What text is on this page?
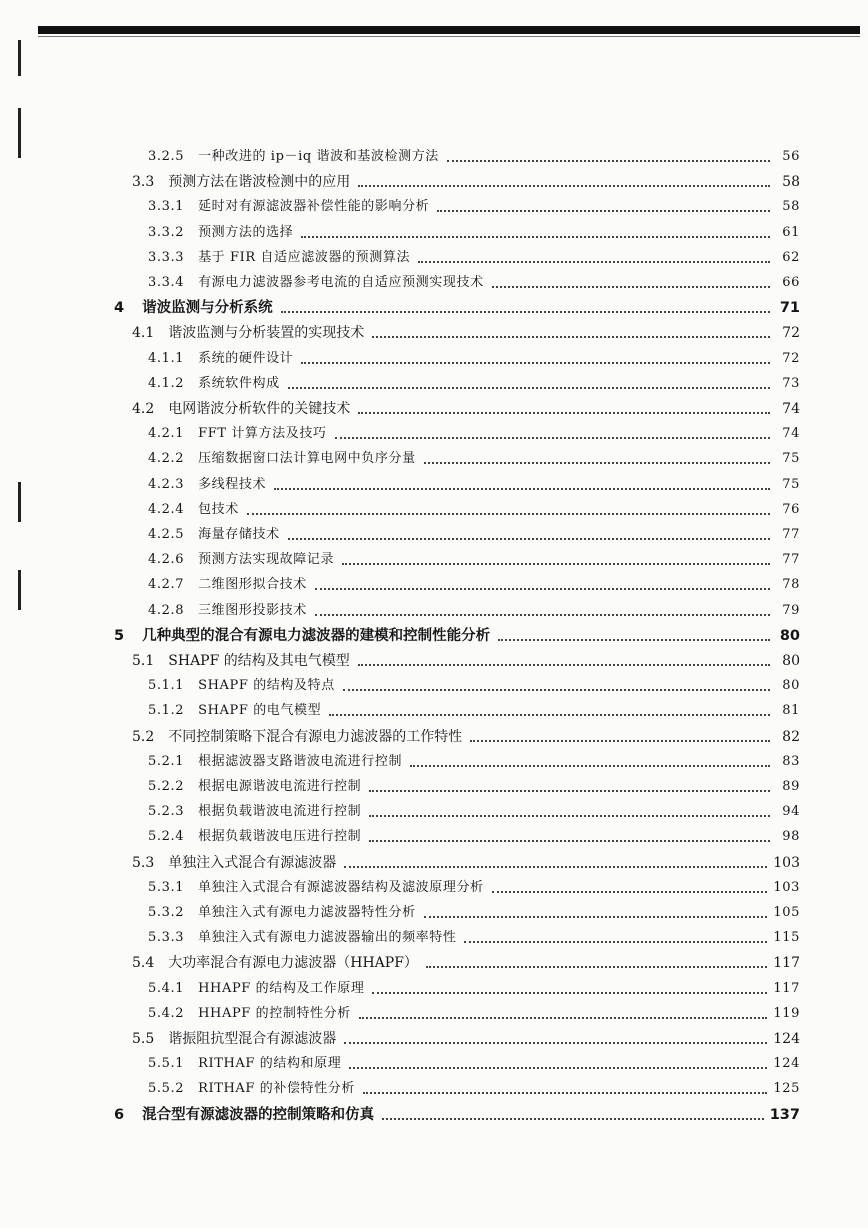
3.2.5	一种改进的 ip－iq 谐波和基波检测方法	56
3.3	预测方法在谐波检测中的应用	58
3.3.1	延时对有源滤波器补偿性能的影响分析	58
3.3.2	预测方法的选择	61
3.3.3	基于 FIR 自适应滤波器的预测算法	62
3.3.4	有源电力滤波器参考电流的自适应预测实现技术	66
4	谐波监测与分析系统	71
4.1	谐波监测与分析装置的实现技术	72
4.1.1	系统的硬件设计	72
4.1.2	系统软件构成	73
4.2	电网谐波分析软件的关键技术	74
4.2.1	FFT 计算方法及技巧	74
4.2.2	压缩数据窗口法计算电网中负序分量	75
4.2.3	多线程技术	75
4.2.4	包技术	76
4.2.5	海量存储技术	77
4.2.6	预测方法实现故障记录	77
4.2.7	二维图形拟合技术	78
4.2.8	三维图形投影技术	79
5	几种典型的混合有源电力滤波器的建模和控制性能分析	80
5.1	SHAPF 的结构及其电气模型	80
5.1.1	SHAPF 的结构及特点	80
5.1.2	SHAPF 的电气模型	81
5.2	不同控制策略下混合有源电力滤波器的工作特性	82
5.2.1	根据滤波器支路谐波电流进行控制	83
5.2.2	根据电源谐波电流进行控制	89
5.2.3	根据负载谐波电流进行控制	94
5.2.4	根据负载谐波电压进行控制	98
5.3	单独注入式混合有源滤波器	103
5.3.1	单独注入式混合有源滤波器结构及滤波原理分析	103
5.3.2	单独注入式有源电力滤波器特性分析	105
5.3.3	单独注入式有源电力滤波器输出的频率特性	115
5.4	大功率混合有源电力滤波器（HHAPF）	117
5.4.1	HHAPF 的结构及工作原理	117
5.4.2	HHAPF 的控制特性分析	119
5.5	谐振阻抗型混合有源滤波器	124
5.5.1	RITHAF 的结构和原理	124
5.5.2	RITHAF 的补偿特性分析	125
6	混合型有源滤波器的控制策略和仿真	137
